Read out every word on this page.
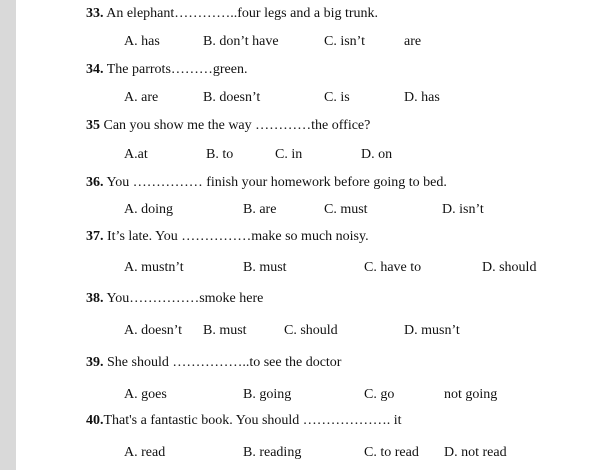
33. An elephant…………..four legs and a big trunk.
A. has	B. don’t have	C. isn’t	are
34. The parrots………green.
A. are	B. doesn’t	C. is	D. has
35 Can you show me the way …………the office?
A.at	B. to	C. in	D. on
36. You …………… finish your homework before going to bed.
A. doing	B. are	C. must	D. isn’t
37. It’s late. You ……………make so much noisy.
A. mustn’t	B. must	C. have to	D. should
38. You……………smoke here
A. doesn’t B. must	C. should	D. musn’t
39. She should ……………..to see the doctor
A. goes	B. going	C. go	not going
40.That's a fantastic book. You should ………………. it
A. read	B. reading	C. to read D. not read
